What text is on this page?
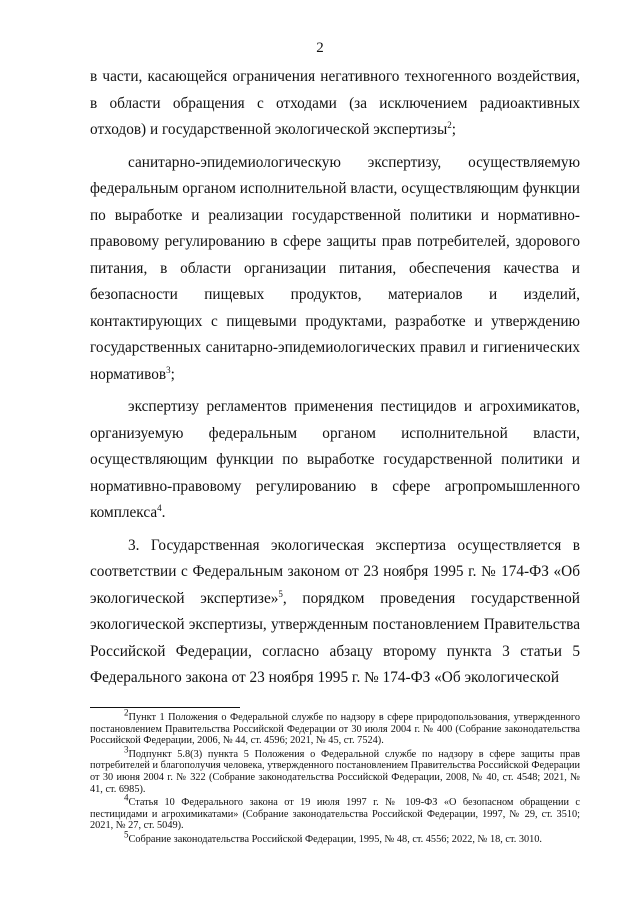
2

в части, касающейся ограничения негативного техногенного воздействия, в области обращения с отходами (за исключением радиоактивных отходов) и государственной экологической экспертизы$^2$;

санитарно-эпидемиологическую экспертизу, осуществляемую федеральным органом исполнительной власти, осуществляющим функции по выработке и реализации государственной политики и нормативно-правовому регулированию в сфере защиты прав потребителей, здорового питания, в области организации питания, обеспечения качества и безопасности пищевых продуктов, материалов и изделий, контактирующих с пищевыми продуктами, разработке и утверждению государственных санитарно-эпидемиологических правил и гигиенических нормативов$^3$;

экспертизу регламентов применения пестицидов и агрохимикатов, организуемую федеральным органом исполнительной власти, осуществляющим функции по выработке государственной политики и нормативно-правовому регулированию в сфере агропромышленного комплекса$^4$.

3. Государственная экологическая экспертиза осуществляется в соответствии с Федеральным законом от 23 ноября 1995 г. № 174-ФЗ «Об экологической экспертизе»$^5$, порядком проведения государственной экологической экспертизы, утвержденным постановлением Правительства Российской Федерации, согласно абзацу второму пункта 3 статьи 5 Федерального закона от 23 ноября 1995 г. № 174-ФЗ «Об экологической

$^2$Пункт 1 Положения о Федеральной службе по надзору в сфере природопользования, утвержденного постановлением Правительства Российской Федерации от 30 июля 2004 г. № 400 (Собрание законодательства Российской Федерации, 2006, № 44, ст. 4596; 2021, № 45, ст. 7524).

$^3$Подпункт 5.8(3) пункта 5 Положения о Федеральной службе по надзору в сфере защиты прав потребителей и благополучия человека, утвержденного постановлением Правительства Российской Федерации от 30 июня 2004 г. № 322 (Собрание законодательства Российской Федерации, 2008, № 40, ст. 4548; 2021, № 41, ст. 6985).

$^4$Статья 10 Федерального закона от 19 июля 1997 г. № 109-ФЗ «О безопасном обращении с пестицидами и агрохимикатами» (Собрание законодательства Российской Федерации, 1997, № 29, ст. 3510; 2021, № 27, ст. 5049).

$^5$Собрание законодательства Российской Федерации, 1995, № 48, ст. 4556; 2022, № 18, ст. 3010.
